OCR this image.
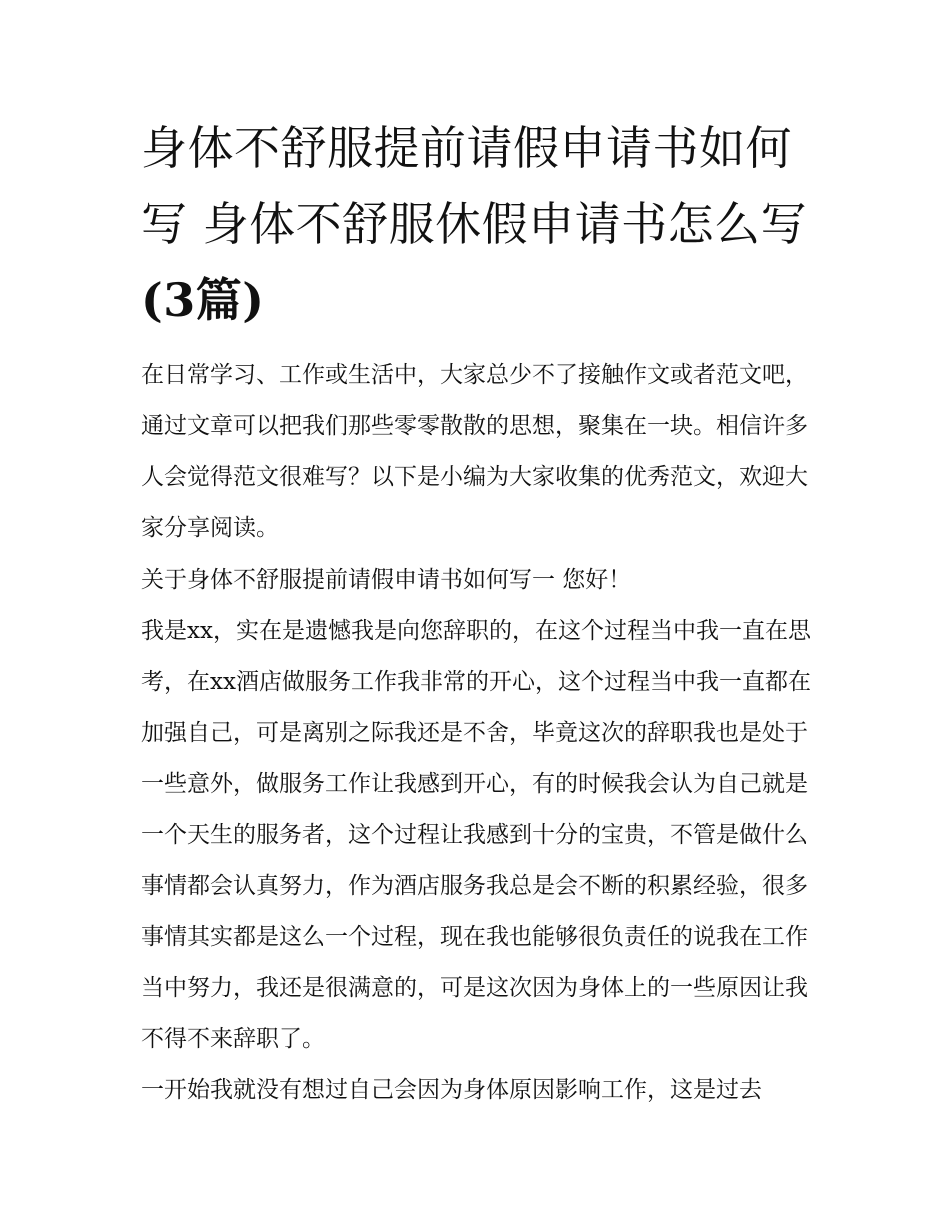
身体不舒服提前请假申请书如何写 身体不舒服休假申请书怎么写(3篇)

在日常学习、工作或生活中，大家总少不了接触作文或者范文吧，通过文章可以把我们那些零零散散的思想，聚集在一块。相信许多人会觉得范文很难写？以下是小编为大家收集的优秀范文，欢迎大家分享阅读。

关于身体不舒服提前请假申请书如何写一 您好！

我是xx，实在是遗憾我是向您辞职的，在这个过程当中我一直在思考，在xx酒店做服务工作我非常的开心，这个过程当中我一直都在加强自己，可是离别之际我还是不舍，毕竟这次的辞职我也是处于一些意外，做服务工作让我感到开心，有的时候我会认为自己就是一个天生的服务者，这个过程让我感到十分的宝贵，不管是做什么事情都会认真努力，作为酒店服务我总是会不断的积累经验，很多事情其实都是这么一个过程，现在我也能够很负责任的说我在工作当中努力，我还是很满意的，可是这次因为身体上的一些原因让我不得不来辞职了。

一开始我就没有想过自己会因为身体原因影响工作，这是过去
